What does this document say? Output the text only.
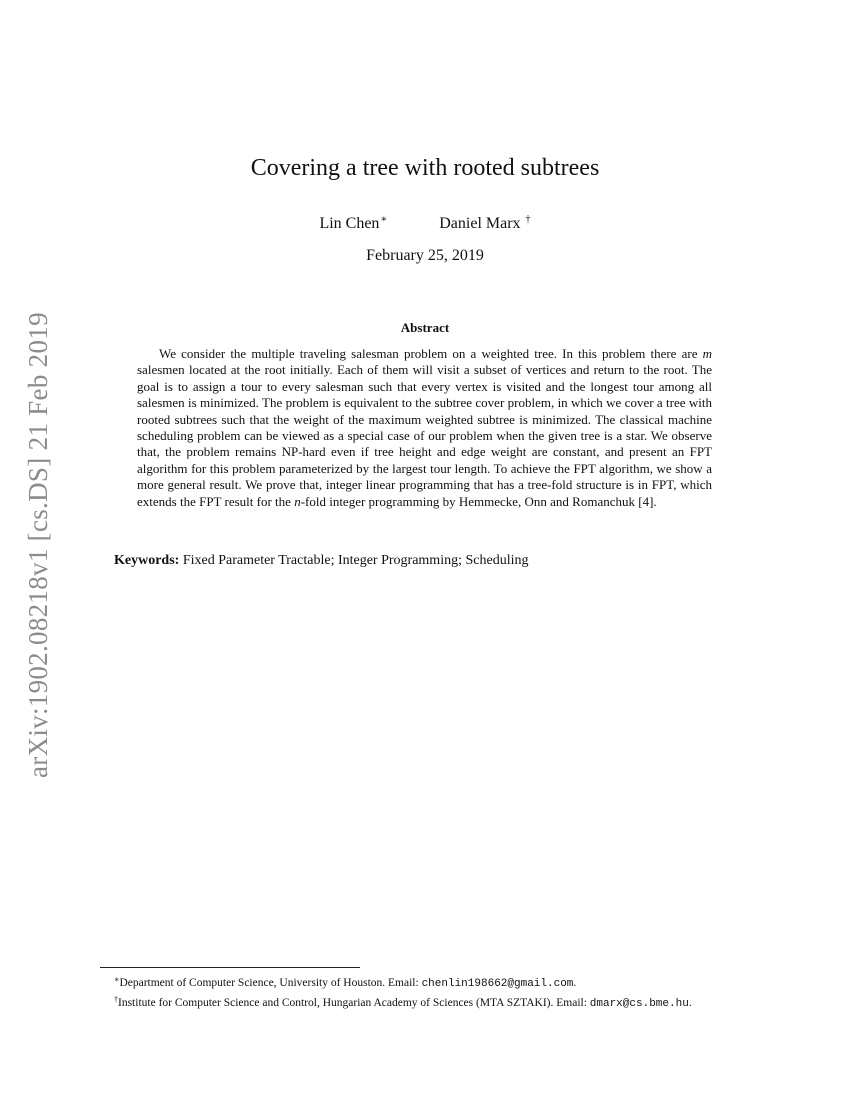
arXiv:1902.08218v1 [cs.DS] 21 Feb 2019
Covering a tree with rooted subtrees
Lin Chen∗	Daniel Marx †
February 25, 2019
Abstract
We consider the multiple traveling salesman problem on a weighted tree. In this problem there are m salesmen located at the root initially. Each of them will visit a subset of vertices and return to the root. The goal is to assign a tour to every salesman such that every vertex is visited and the longest tour among all salesmen is minimized. The problem is equivalent to the subtree cover problem, in which we cover a tree with rooted subtrees such that the weight of the maximum weighted subtree is minimized. The classical machine scheduling problem can be viewed as a special case of our problem when the given tree is a star. We observe that, the problem remains NP-hard even if tree height and edge weight are constant, and present an FPT algorithm for this problem parameterized by the largest tour length. To achieve the FPT algorithm, we show a more general result. We prove that, integer linear programming that has a tree-fold structure is in FPT, which extends the FPT result for the n-fold integer programming by Hemmecke, Onn and Romanchuk [4].
Keywords: Fixed Parameter Tractable; Integer Programming; Scheduling
∗Department of Computer Science, University of Houston. Email: chenlin198662@gmail.com.
†Institute for Computer Science and Control, Hungarian Academy of Sciences (MTA SZTAKI). Email: dmarx@cs.bme.hu.
